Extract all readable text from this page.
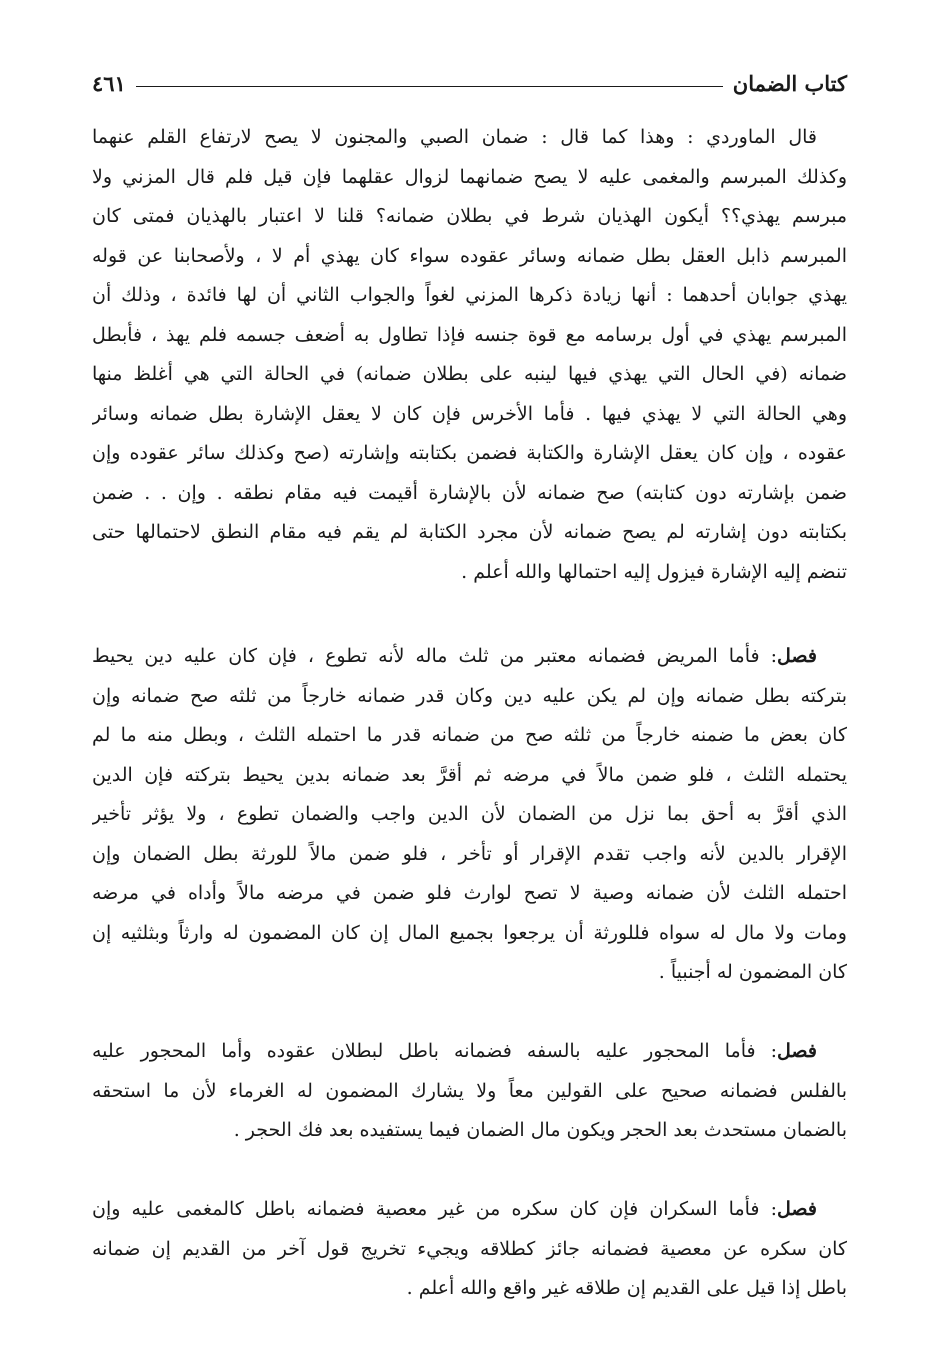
كتاب الضمان
٤٦١
قال الماوردي : وهذا كما قال : ضمان الصبي والمجنون لا يصح لارتفاع القلم عنهما
وكذلك المبرسم والمغمى عليه لا يصح ضمانهما لزوال عقلهما فإن قيل فلم قال المزني ولا
مبرسم يهذي؟؟ أيكون الهذيان شرط في بطلان ضمانه؟ قلنا لا اعتبار بالهذيان فمتى كان
المبرسم ذابل العقل بطل ضمانه وسائر عقوده سواء كان يهذي أم لا ، ولأصحابنا عن قوله
يهذي جوابان أحدهما : أنها زيادة ذكرها المزني لغواً والجواب الثاني أن لها فائدة ، وذلك أن
المبرسم يهذي في أول برسامه مع قوة جنسه فإذا تطاول به أضعف جسمه فلم يهذ ، فأبطل
ضمانه (في الحال التي يهذي فيها لينبه على بطلان ضمانه) في الحالة التي هي أغلظ منها
وهي الحالة التي لا يهذي فيها . فأما الأخرس فإن كان لا يعقل الإشارة بطل ضمانه وسائر
عقوده ، وإن كان يعقل الإشارة والكتابة فضمن بكتابته وإشارته (صح وكذلك سائر عقوده وإن
ضمن بإشارته دون كتابته) صح ضمانه لأن بالإشارة أقيمت فيه مقام نطقه . وإن . . ضمن
بكتابته دون إشارته لم يصح ضمانه لأن مجرد الكتابة لم يقم فيه مقام النطق لاحتمالها حتى
تنضم إليه الإشارة فيزول إليه احتمالها والله أعلم .
فصل: فأما المريض فضمانه معتبر من ثلث ماله لأنه تطوع ، فإن كان عليه دين يحيط
بتركته بطل ضمانه وإن لم يكن عليه دين وكان قدر ضمانه خارجاً من ثلثه صح ضمانه وإن
كان بعض ما ضمنه خارجاً من ثلثه صح من ضمانه قدر ما احتمله الثلث ، وبطل منه ما لم
يحتمله الثلث ، فلو ضمن مالاً في مرضه ثم أقرَّ بعد ضمانه بدين يحيط بتركته فإن الدين
الذي أقرَّ به أحق بما نزل من الضمان لأن الدين واجب والضمان تطوع ، ولا يؤثر تأخير
الإقرار بالدين لأنه واجب تقدم الإقرار أو تأخر ، فلو ضمن مالاً للورثة بطل الضمان وإن
احتمله الثلث لأن ضمانه وصية لا تصح لوارث فلو ضمن في مرضه مالاً وأداه في مرضه
ومات ولا مال له سواه فللورثة أن يرجعوا بجميع المال إن كان المضمون له وارثاً وبثلثيه إن
كان المضمون له أجنبياً .
فصل: فأما المحجور عليه بالسفه فضمانه باطل لبطلان عقوده وأما المحجور عليه
بالفلس فضمانه صحيح على القولين معاً ولا يشارك المضمون له الغرماء لأن ما استحقه
بالضمان مستحدث بعد الحجر ويكون مال الضمان فيما يستفيده بعد فك الحجر .
فصل: فأما السكران فإن كان سكره من غير معصية فضمانه باطل كالمغمى عليه وإن
كان سكره عن معصية فضمانه جائز كطلاقه ويجيء تخريج قول آخر من القديم إن ضمانه
باطل إذا قيل على القديم إن طلاقه غير واقع والله أعلم .
